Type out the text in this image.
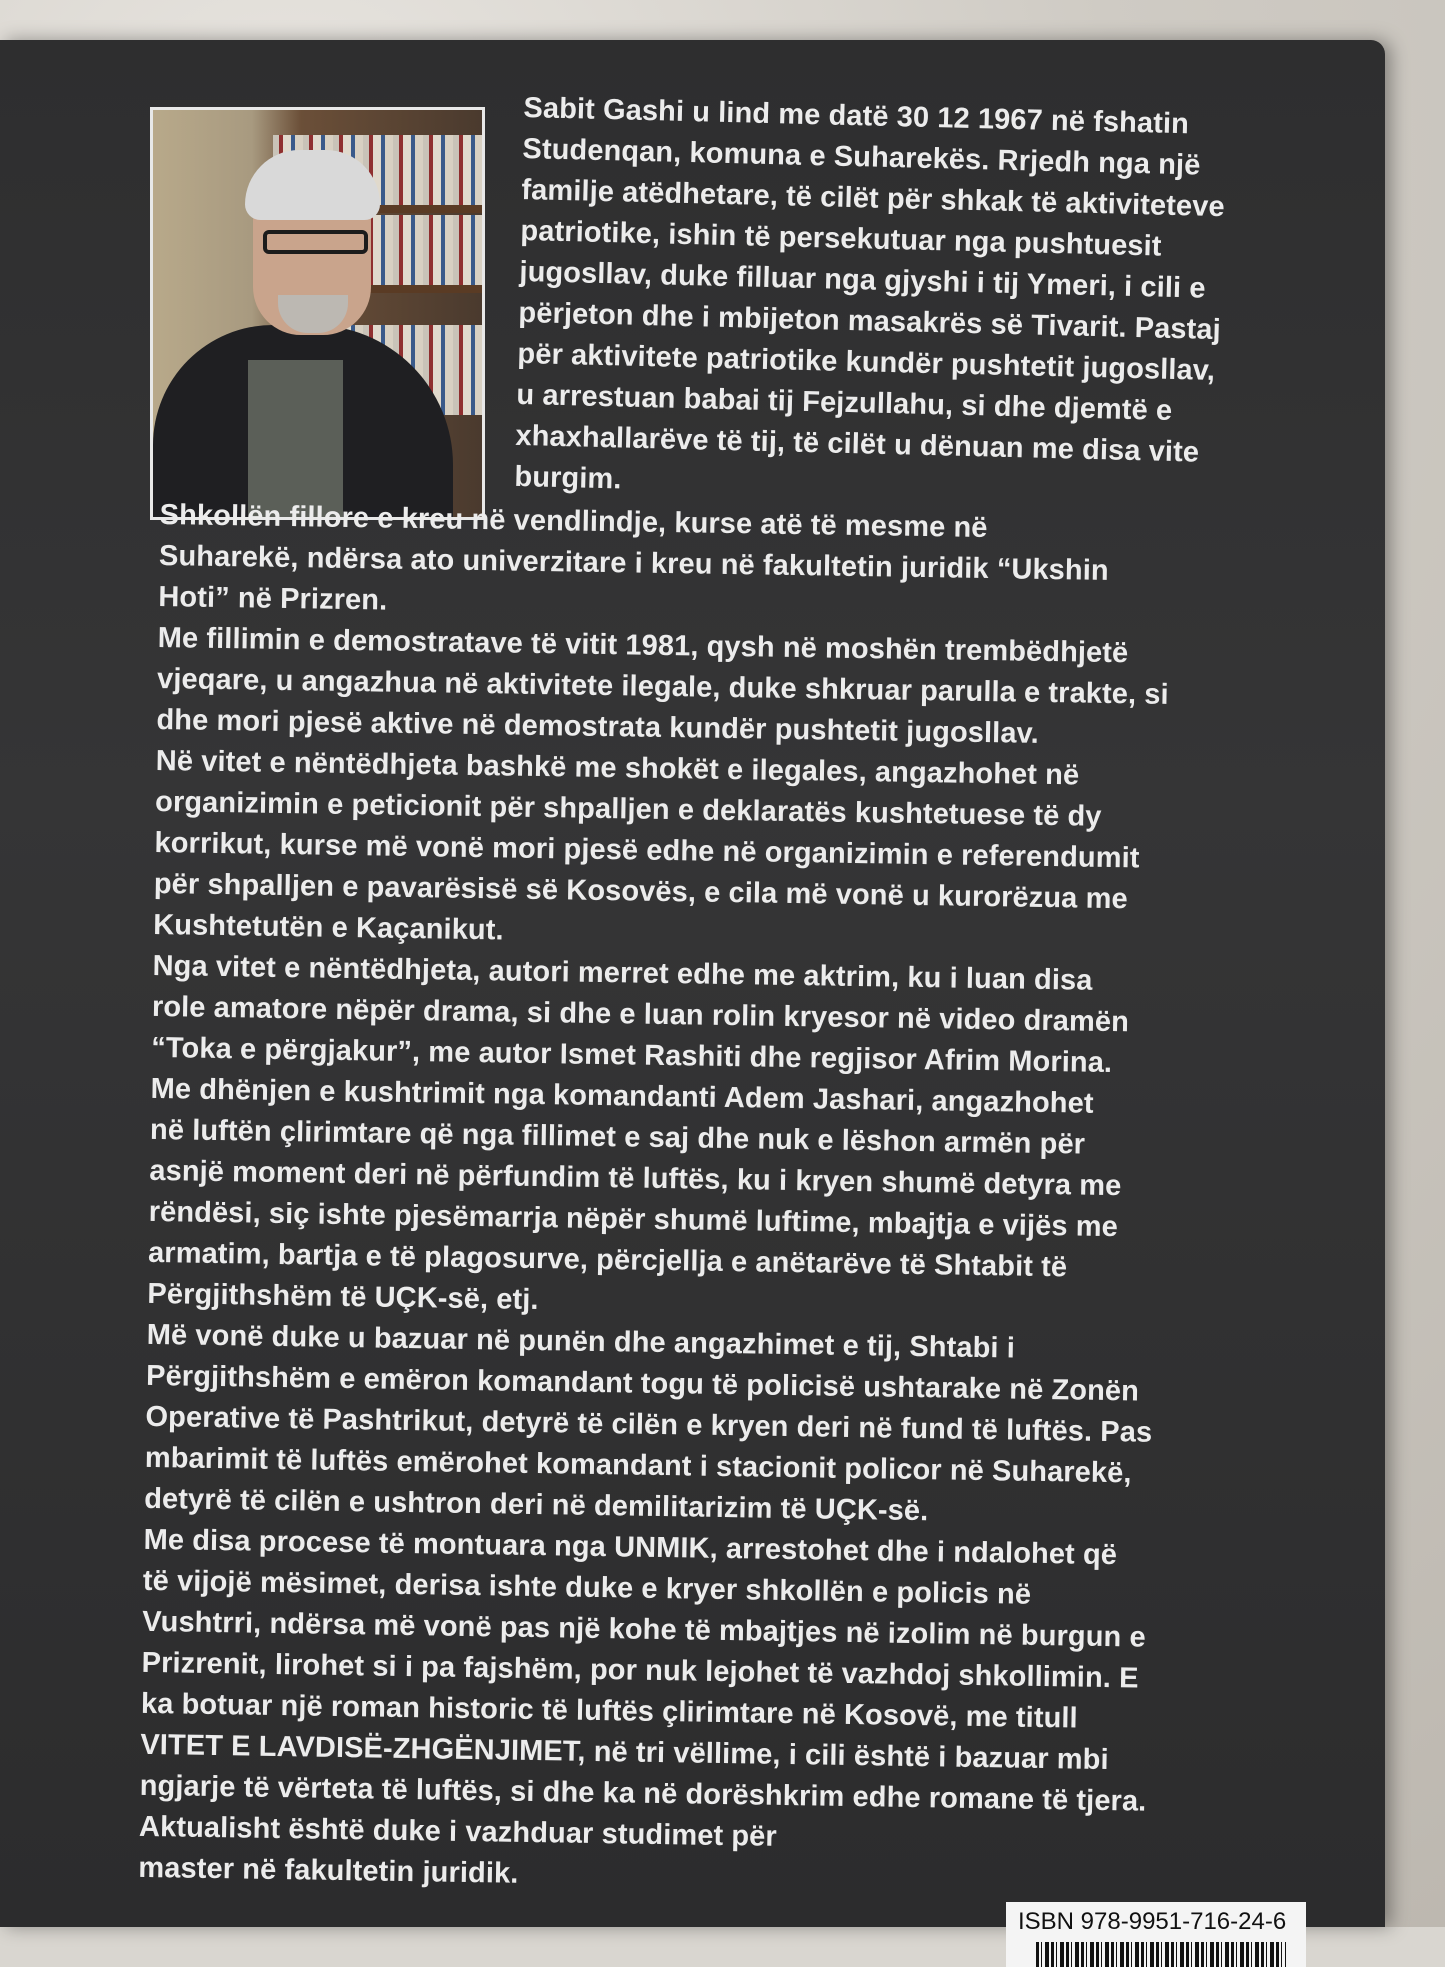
Sabit Gashi u lind me datë 30 12 1967 në fshatin
Studenqan, komuna e Suharekës. Rrjedh nga një
familje atëdhetare, të cilët për shkak të aktiviteteve
patriotike, ishin të persekutuar nga pushtuesit
jugosllav, duke filluar nga gjyshi i tij Ymeri, i cili e
përjeton dhe i mbijeton masakrës së Tivarit. Pastaj
për aktivitete patriotike kundër pushtetit jugosllav,
u arrestuan babai tij Fejzullahu, si dhe djemtë e
xhaxhallarëve të tij, të cilët u dënuan me disa vite
burgim.
Shkollën fillore e kreu në vendlindje, kurse atë të mesme në
Suharekë, ndërsa ato univerzitare i kreu në fakultetin juridik “Ukshin
Hoti” në Prizren.
Me fillimin e demostratave të vitit 1981, qysh në moshën trembëdhjetë
vjeqare, u angazhua në aktivitete ilegale, duke shkruar parulla e trakte, si
dhe mori pjesë aktive në demostrata kundër pushtetit jugosllav.
Në vitet e nëntëdhjeta bashkë me shokët e ilegales, angazhohet në
organizimin e peticionit për shpalljen e deklaratës kushtetuese të dy
korrikut, kurse më vonë mori pjesë edhe në organizimin e referendumit
për shpalljen e pavarësisë së Kosovës, e cila më vonë u kurorëzua me
Kushtetutën e Kaçanikut.
Nga vitet e nëntëdhjeta, autori merret edhe me aktrim, ku i luan disa
role amatore nëpër drama, si dhe e luan rolin kryesor në video dramën
“Toka e përgjakur”, me autor Ismet Rashiti dhe regjisor Afrim Morina.
Me dhënjen e kushtrimit nga komandanti Adem Jashari, angazhohet
në luftën çlirimtare që nga fillimet e saj dhe nuk e lëshon armën për
asnjë moment deri në përfundim të luftës, ku i kryen shumë detyra me
rëndësi, siç ishte pjesëmarrja nëpër shumë luftime, mbajtja e vijës me
armatim, bartja e të plagosurve, përcjellja e anëtarëve të Shtabit të
Përgjithshëm të UÇK-së, etj.
Më vonë duke u bazuar në punën dhe angazhimet e tij, Shtabi i
Përgjithshëm e emëron komandant togu të policisë ushtarake në Zonën
Operative të Pashtrikut, detyrë të cilën e kryen deri në fund të luftës. Pas
mbarimit të luftës emërohet komandant i stacionit policor në Suharekë,
detyrë të cilën e ushtron deri në demilitarizim të UÇK-së.
Me disa procese të montuara nga UNMIK, arrestohet dhe i ndalohet që
të vijojë mësimet, derisa ishte duke e kryer shkollën e policis në
Vushtrri, ndërsa më vonë pas një kohe të mbajtjes në izolim në burgun e
Prizrenit, lirohet si i pa fajshëm, por nuk lejohet të vazhdoj shkollimin. E
ka botuar një roman historic të luftës çlirimtare në Kosovë, me titull
VITET E LAVDISË-ZHGËNJIMET, në tri vëllime, i cili është i bazuar mbi
ngjarje të vërteta të luftës, si dhe ka në dorëshkrim edhe romane të tjera.
Aktualisht është duke i vazhduar studimet për
master në fakultetin juridik.
ISBN 978-9951-716-24-6
